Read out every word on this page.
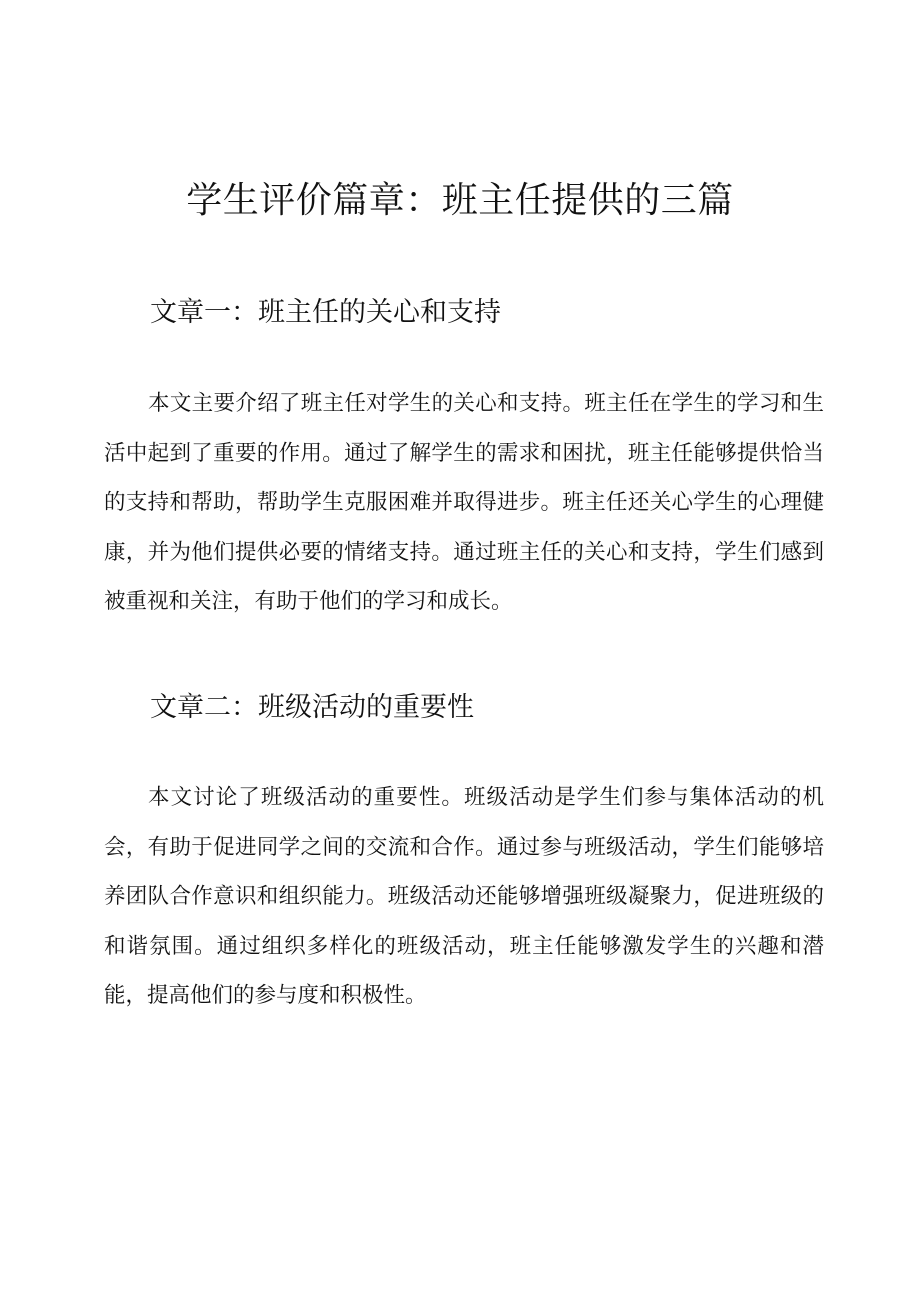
学生评价篇章：班主任提供的三篇
文章一：班主任的关心和支持

本文主要介绍了班主任对学生的关心和支持。班主任在学生的学习和生活中起到了重要的作用。通过了解学生的需求和困扰，班主任能够提供恰当的支持和帮助，帮助学生克服困难并取得进步。班主任还关心学生的心理健康，并为他们提供必要的情绪支持。通过班主任的关心和支持，学生们感到被重视和关注，有助于他们的学习和成长。

文章二：班级活动的重要性

本文讨论了班级活动的重要性。班级活动是学生们参与集体活动的机会，有助于促进同学之间的交流和合作。通过参与班级活动，学生们能够培养团队合作意识和组织能力。班级活动还能够增强班级凝聚力，促进班级的和谐氛围。通过组织多样化的班级活动，班主任能够激发学生的兴趣和潜能，提高他们的参与度和积极性。
